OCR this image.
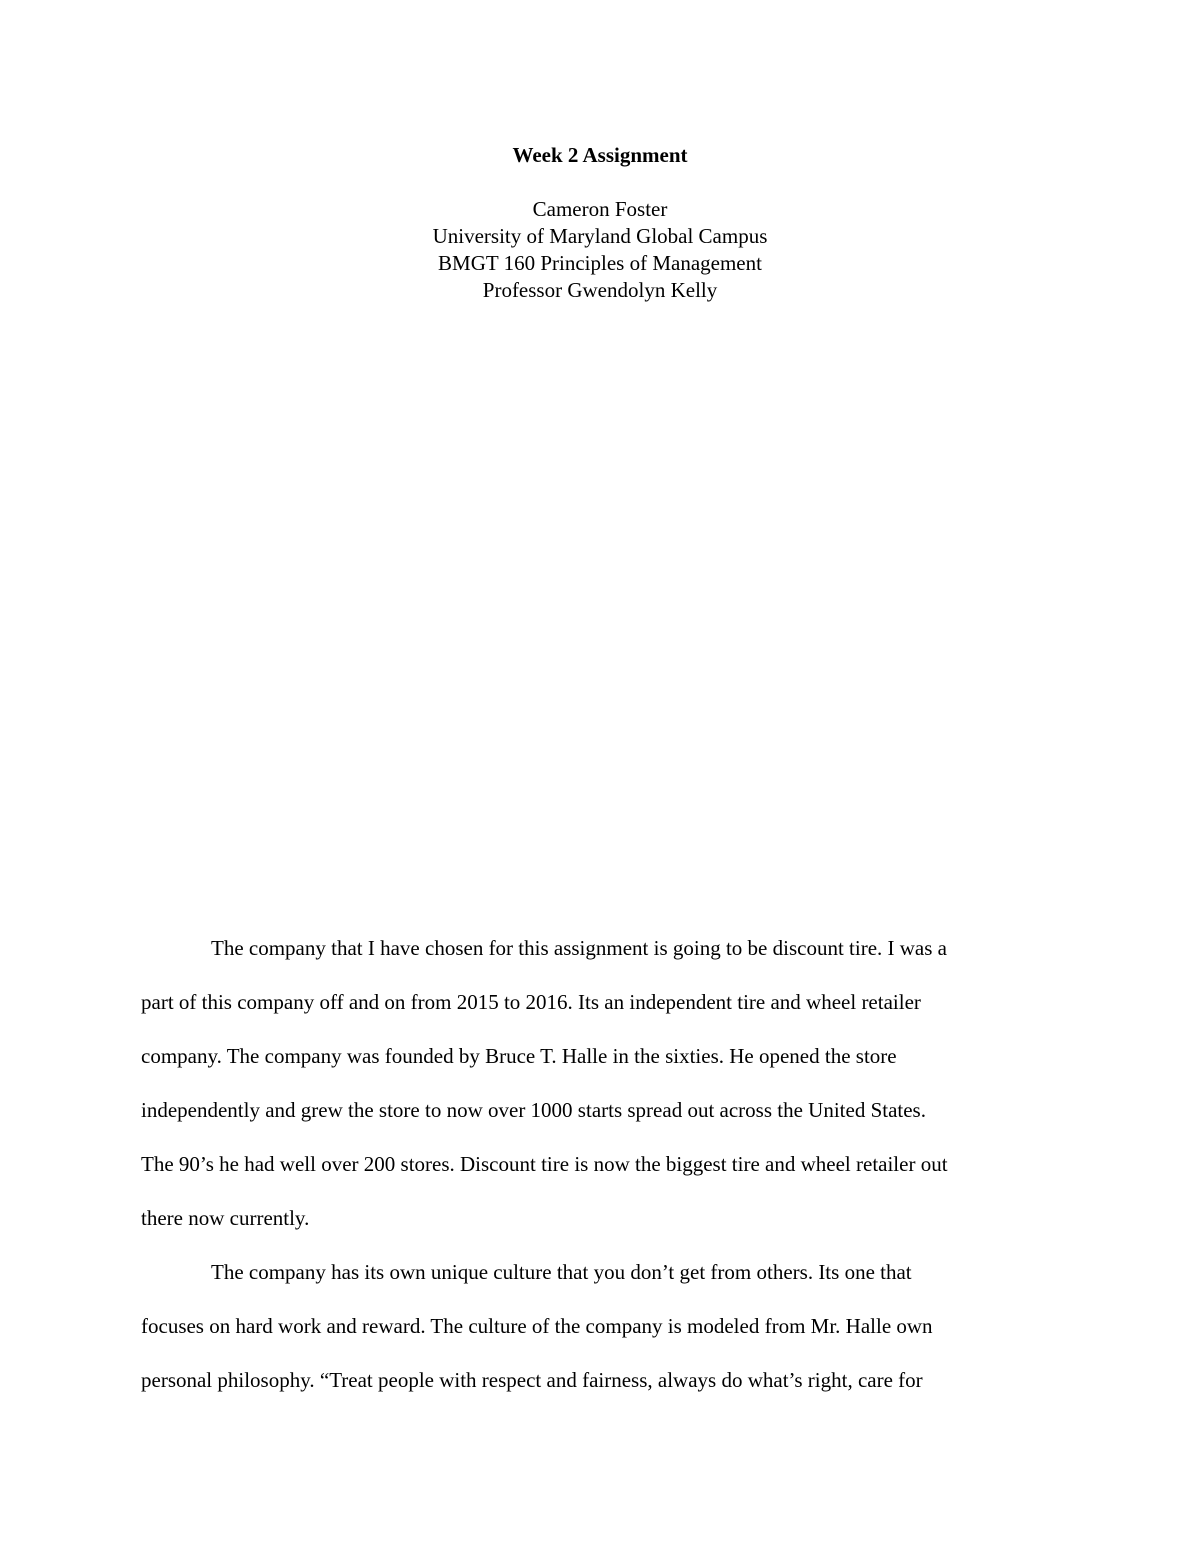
Week 2 Assignment
Cameron Foster
University of Maryland Global Campus
BMGT 160 Principles of Management
Professor Gwendolyn Kelly
The company that I have chosen for this assignment is going to be discount tire. I was a
part of this company off and on from 2015 to 2016. Its an independent tire and wheel retailer
company. The company was founded by Bruce T. Halle in the sixties. He opened the store
independently and grew the store to now over 1000 starts spread out across the United States.
The 90’s he had well over 200 stores. Discount tire is now the biggest tire and wheel retailer out
there now currently.
The company has its own unique culture that you don’t get from others. Its one that
focuses on hard work and reward. The culture of the company is modeled from Mr. Halle own
personal philosophy. “Treat people with respect and fairness, always do what’s right, care for
